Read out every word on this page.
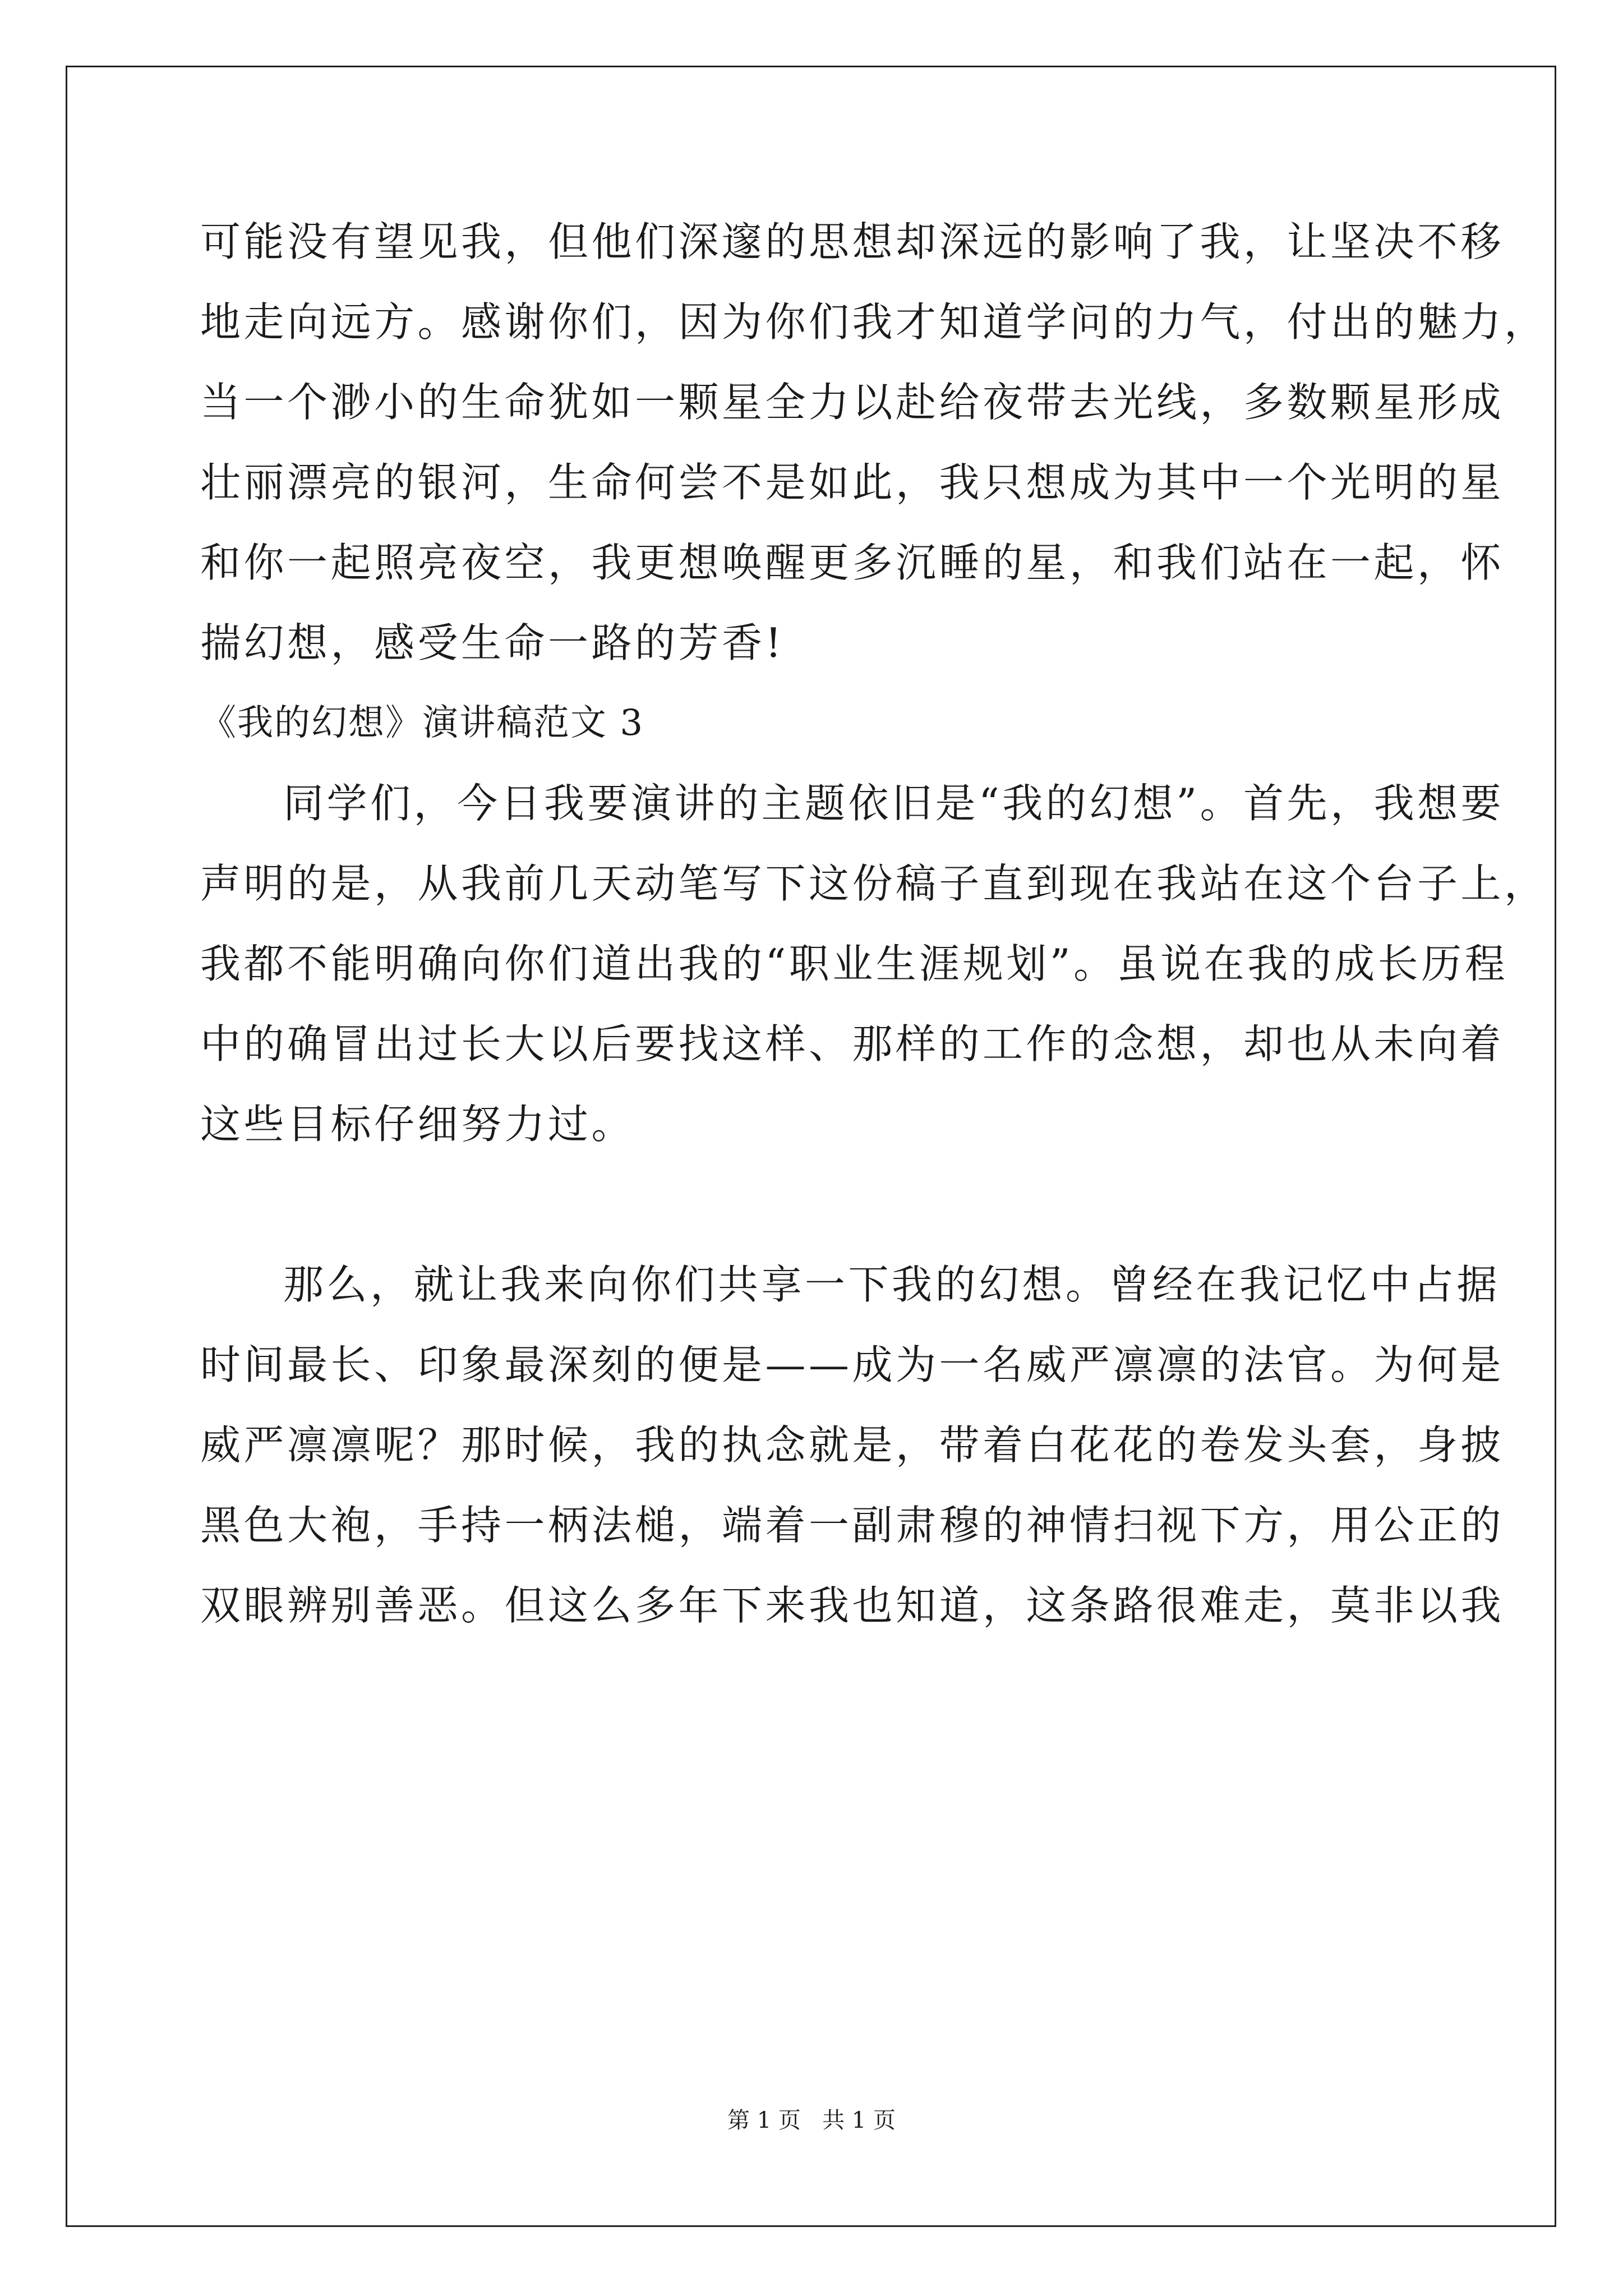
可能没有望见我，但他们深邃的思想却深远的影响了我，让坚决不移
地走向远方。感谢你们，因为你们我才知道学问的力气，付出的魅力，
当一个渺小的生命犹如一颗星全力以赴给夜带去光线，多数颗星形成
壮丽漂亮的银河，生命何尝不是如此，我只想成为其中一个光明的星
和你一起照亮夜空，我更想唤醒更多沉睡的星，和我们站在一起，怀
揣幻想，感受生命一路的芳香!
《我的幻想》演讲稿范文 3
同学们，今日我要演讲的主题依旧是“我的幻想”。首先，我想要
声明的是，从我前几天动笔写下这份稿子直到现在我站在这个台子上，
我都不能明确向你们道出我的“职业生涯规划”。虽说在我的成长历程
中的确冒出过长大以后要找这样、那样的工作的念想，却也从未向着
这些目标仔细努力过。
那么，就让我来向你们共享一下我的幻想。曾经在我记忆中占据
时间最长、印象最深刻的便是——成为一名威严凛凛的法官。为何是
威严凛凛呢？那时候，我的执念就是，带着白花花的卷发头套，身披
黑色大袍，手持一柄法槌，端着一副肃穆的神情扫视下方，用公正的
双眼辨别善恶。但这么多年下来我也知道，这条路很难走，莫非以我
第 1 页   共 1 页
